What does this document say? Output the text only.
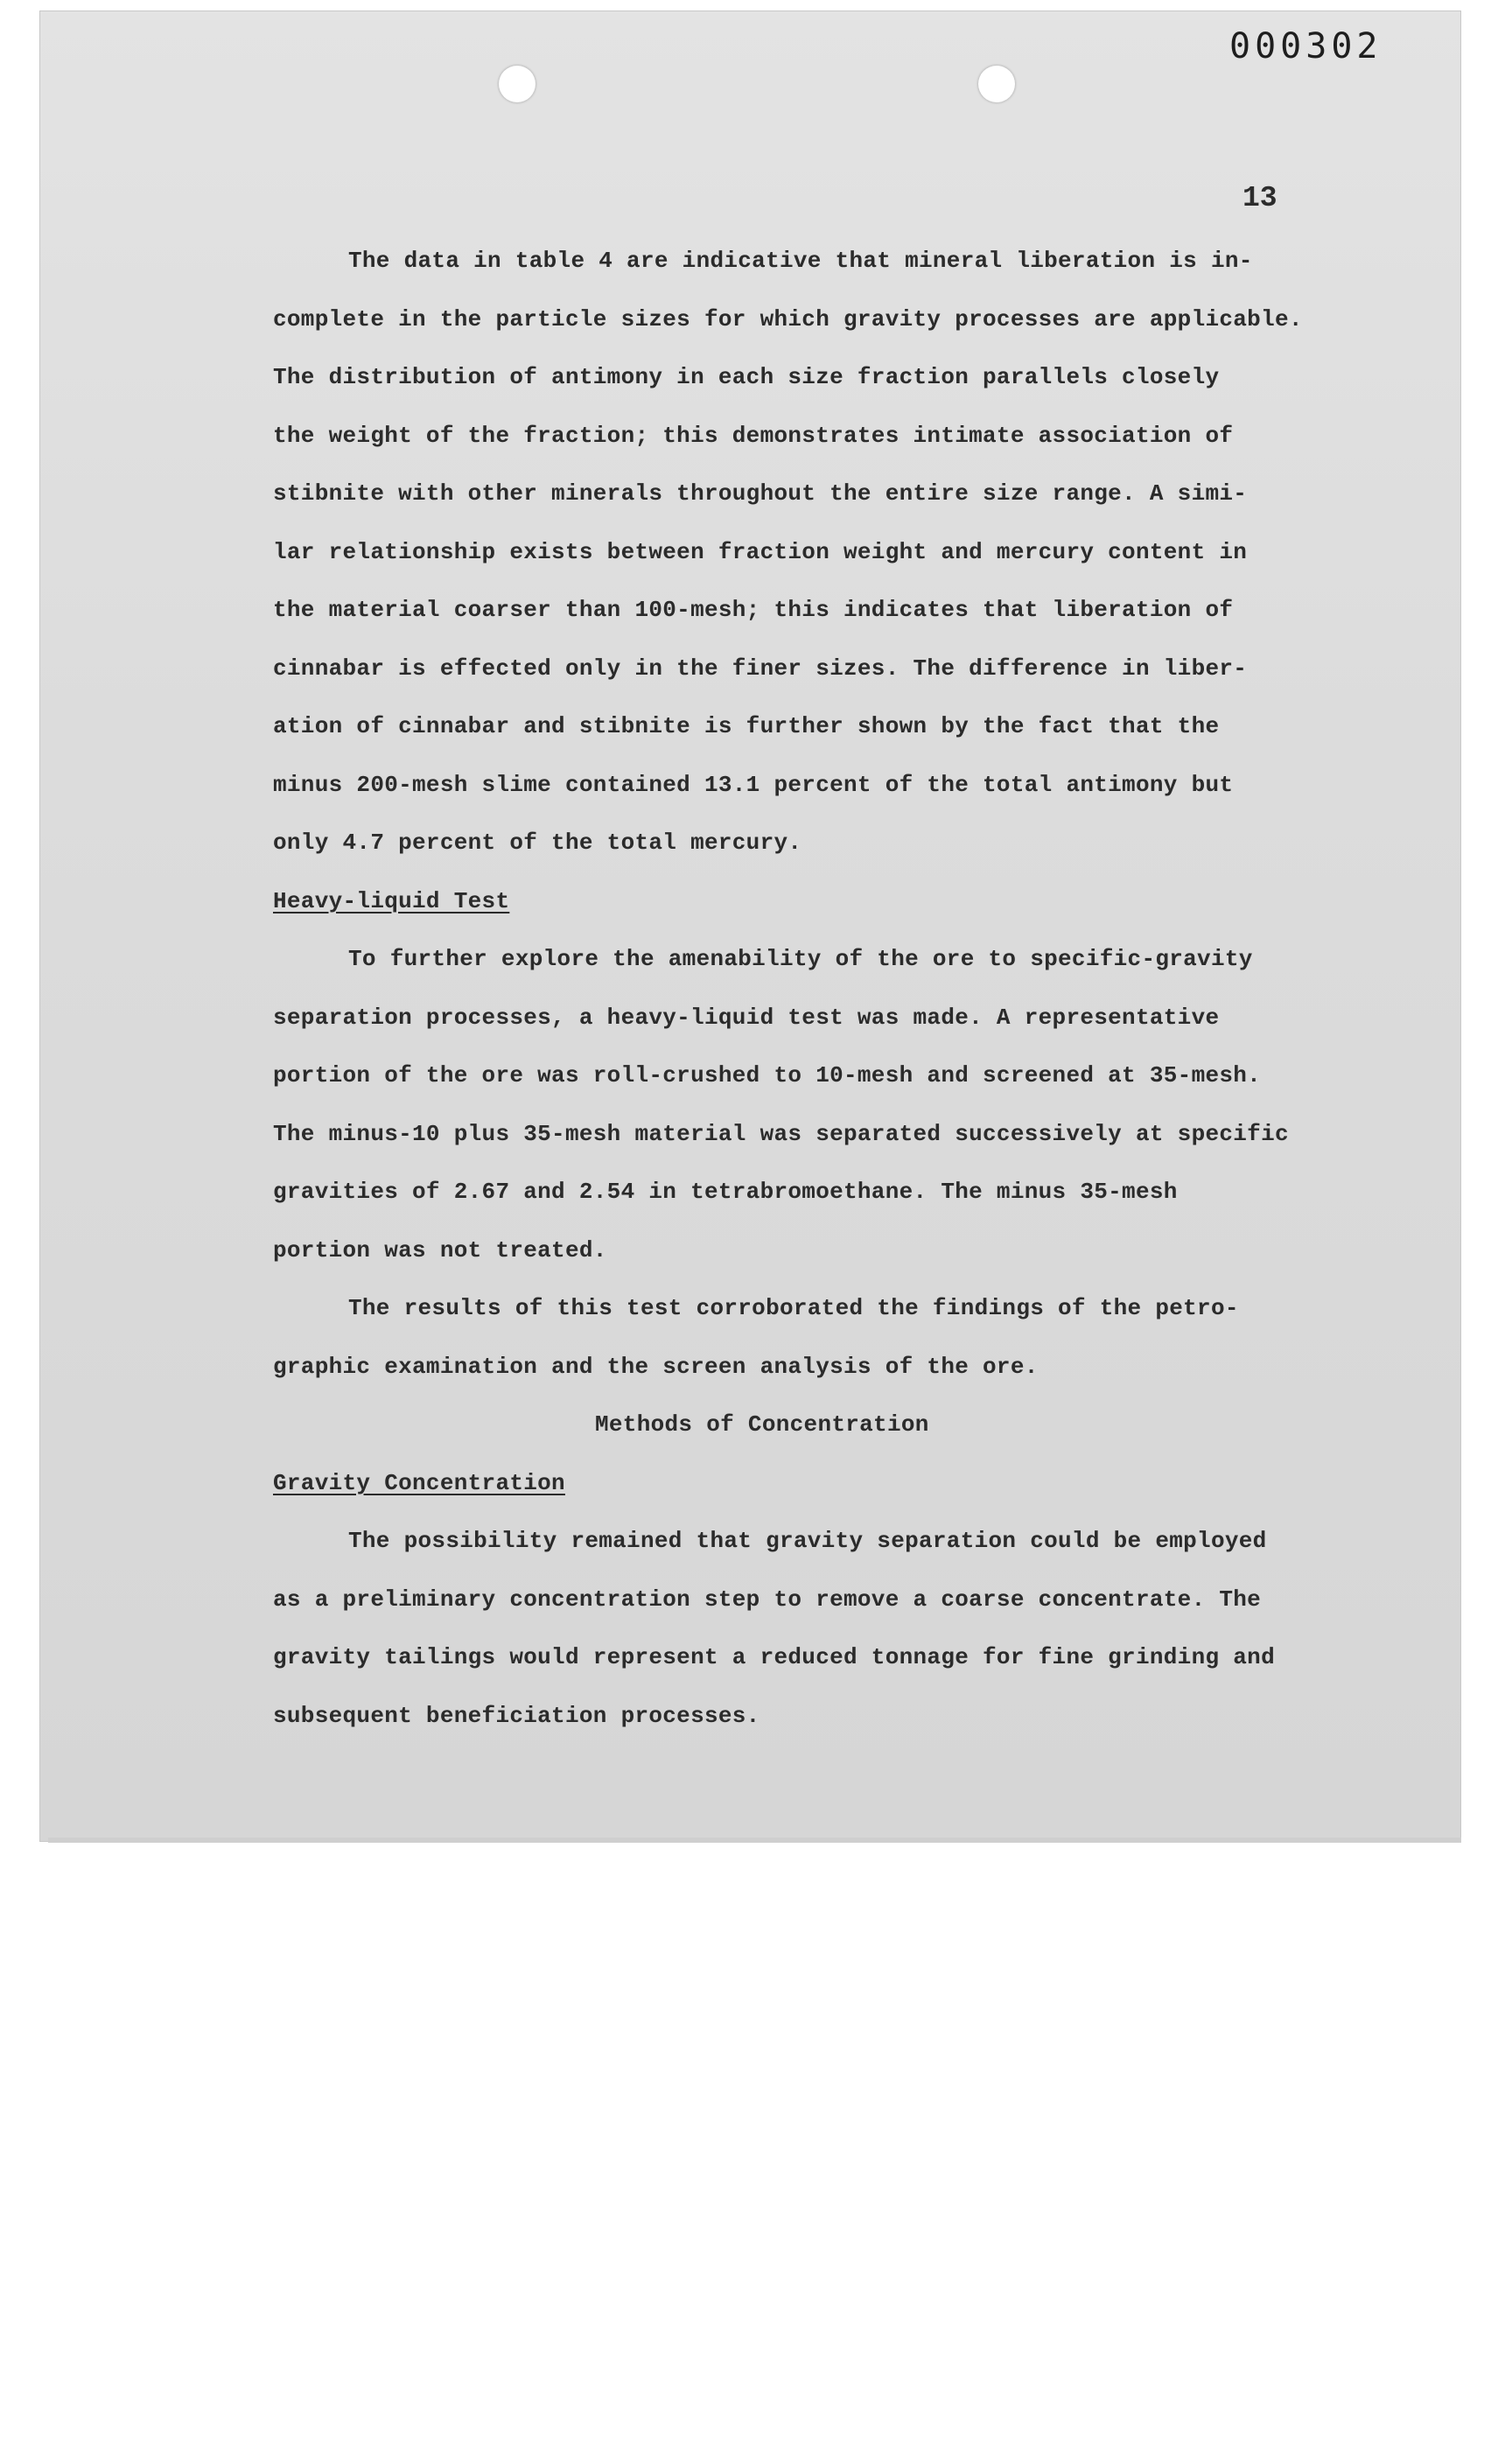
000302
13
The data in table 4 are indicative that mineral liberation is in-
complete in the particle sizes for which gravity processes are applicable.
The distribution of antimony in each size fraction parallels closely
the weight of the fraction; this demonstrates intimate association of
stibnite with other minerals throughout the entire size range. A simi-
lar relationship exists between fraction weight and mercury content in
the material coarser than 100-mesh; this indicates that liberation of
cinnabar is effected only in the finer sizes. The difference in liber-
ation of cinnabar and stibnite is further shown by the fact that the
minus 200-mesh slime contained 13.1 percent of the total antimony but
only 4.7 percent of the total mercury.
Heavy-liquid Test
To further explore the amenability of the ore to specific-gravity
separation processes, a heavy-liquid test was made. A representative
portion of the ore was roll-crushed to 10-mesh and screened at 35-mesh.
The minus-10 plus 35-mesh material was separated successively at specific
gravities of 2.67 and 2.54 in tetrabromoethane. The minus 35-mesh
portion was not treated.
The results of this test corroborated the findings of the petro-
graphic examination and the screen analysis of the ore.
Methods of Concentration
Gravity Concentration
The possibility remained that gravity separation could be employed
as a preliminary concentration step to remove a coarse concentrate. The
gravity tailings would represent a reduced tonnage for fine grinding and
subsequent beneficiation processes.
